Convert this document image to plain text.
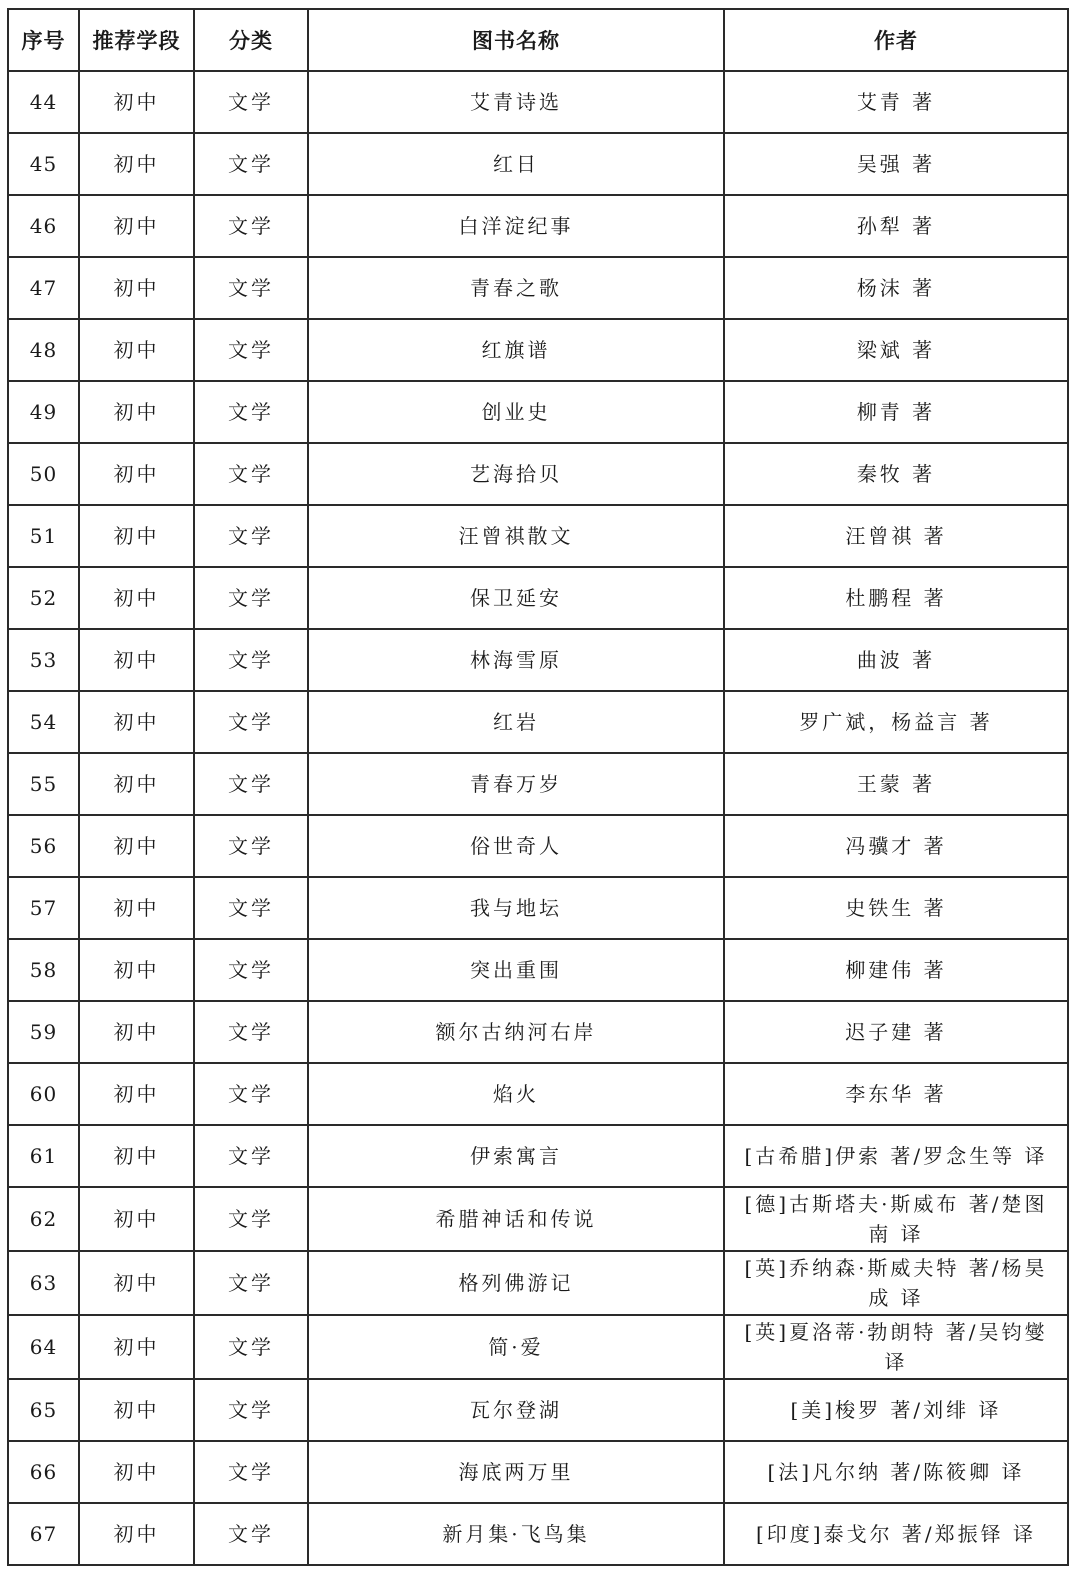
序号	推荐学段	分类	图书名称	作者
44	初中	文学	艾青诗选	艾青 著
45	初中	文学	红日	吴强 著
46	初中	文学	白洋淀纪事	孙犁 著
47	初中	文学	青春之歌	杨沫 著
48	初中	文学	红旗谱	梁斌 著
49	初中	文学	创业史	柳青 著
50	初中	文学	艺海拾贝	秦牧 著
51	初中	文学	汪曾祺散文	汪曾祺 著
52	初中	文学	保卫延安	杜鹏程 著
53	初中	文学	林海雪原	曲波 著
54	初中	文学	红岩	罗广斌，杨益言 著
55	初中	文学	青春万岁	王蒙 著
56	初中	文学	俗世奇人	冯骥才 著
57	初中	文学	我与地坛	史铁生 著
58	初中	文学	突出重围	柳建伟 著
59	初中	文学	额尔古纳河右岸	迟子建 著
60	初中	文学	焰火	李东华 著
61	初中	文学	伊索寓言	[古希腊]伊索 著/罗念生等 译
62	初中	文学	希腊神话和传说	[德]古斯塔夫·斯威布 著/楚图南 译
63	初中	文学	格列佛游记	[英]乔纳森·斯威夫特 著/杨昊成 译
64	初中	文学	简·爱	[英]夏洛蒂·勃朗特 著/吴钧燮 译
65	初中	文学	瓦尔登湖	[美]梭罗 著/刘绯 译
66	初中	文学	海底两万里	[法]凡尔纳 著/陈筱卿 译
67	初中	文学	新月集·飞鸟集	[印度]泰戈尔 著/郑振铎 译
